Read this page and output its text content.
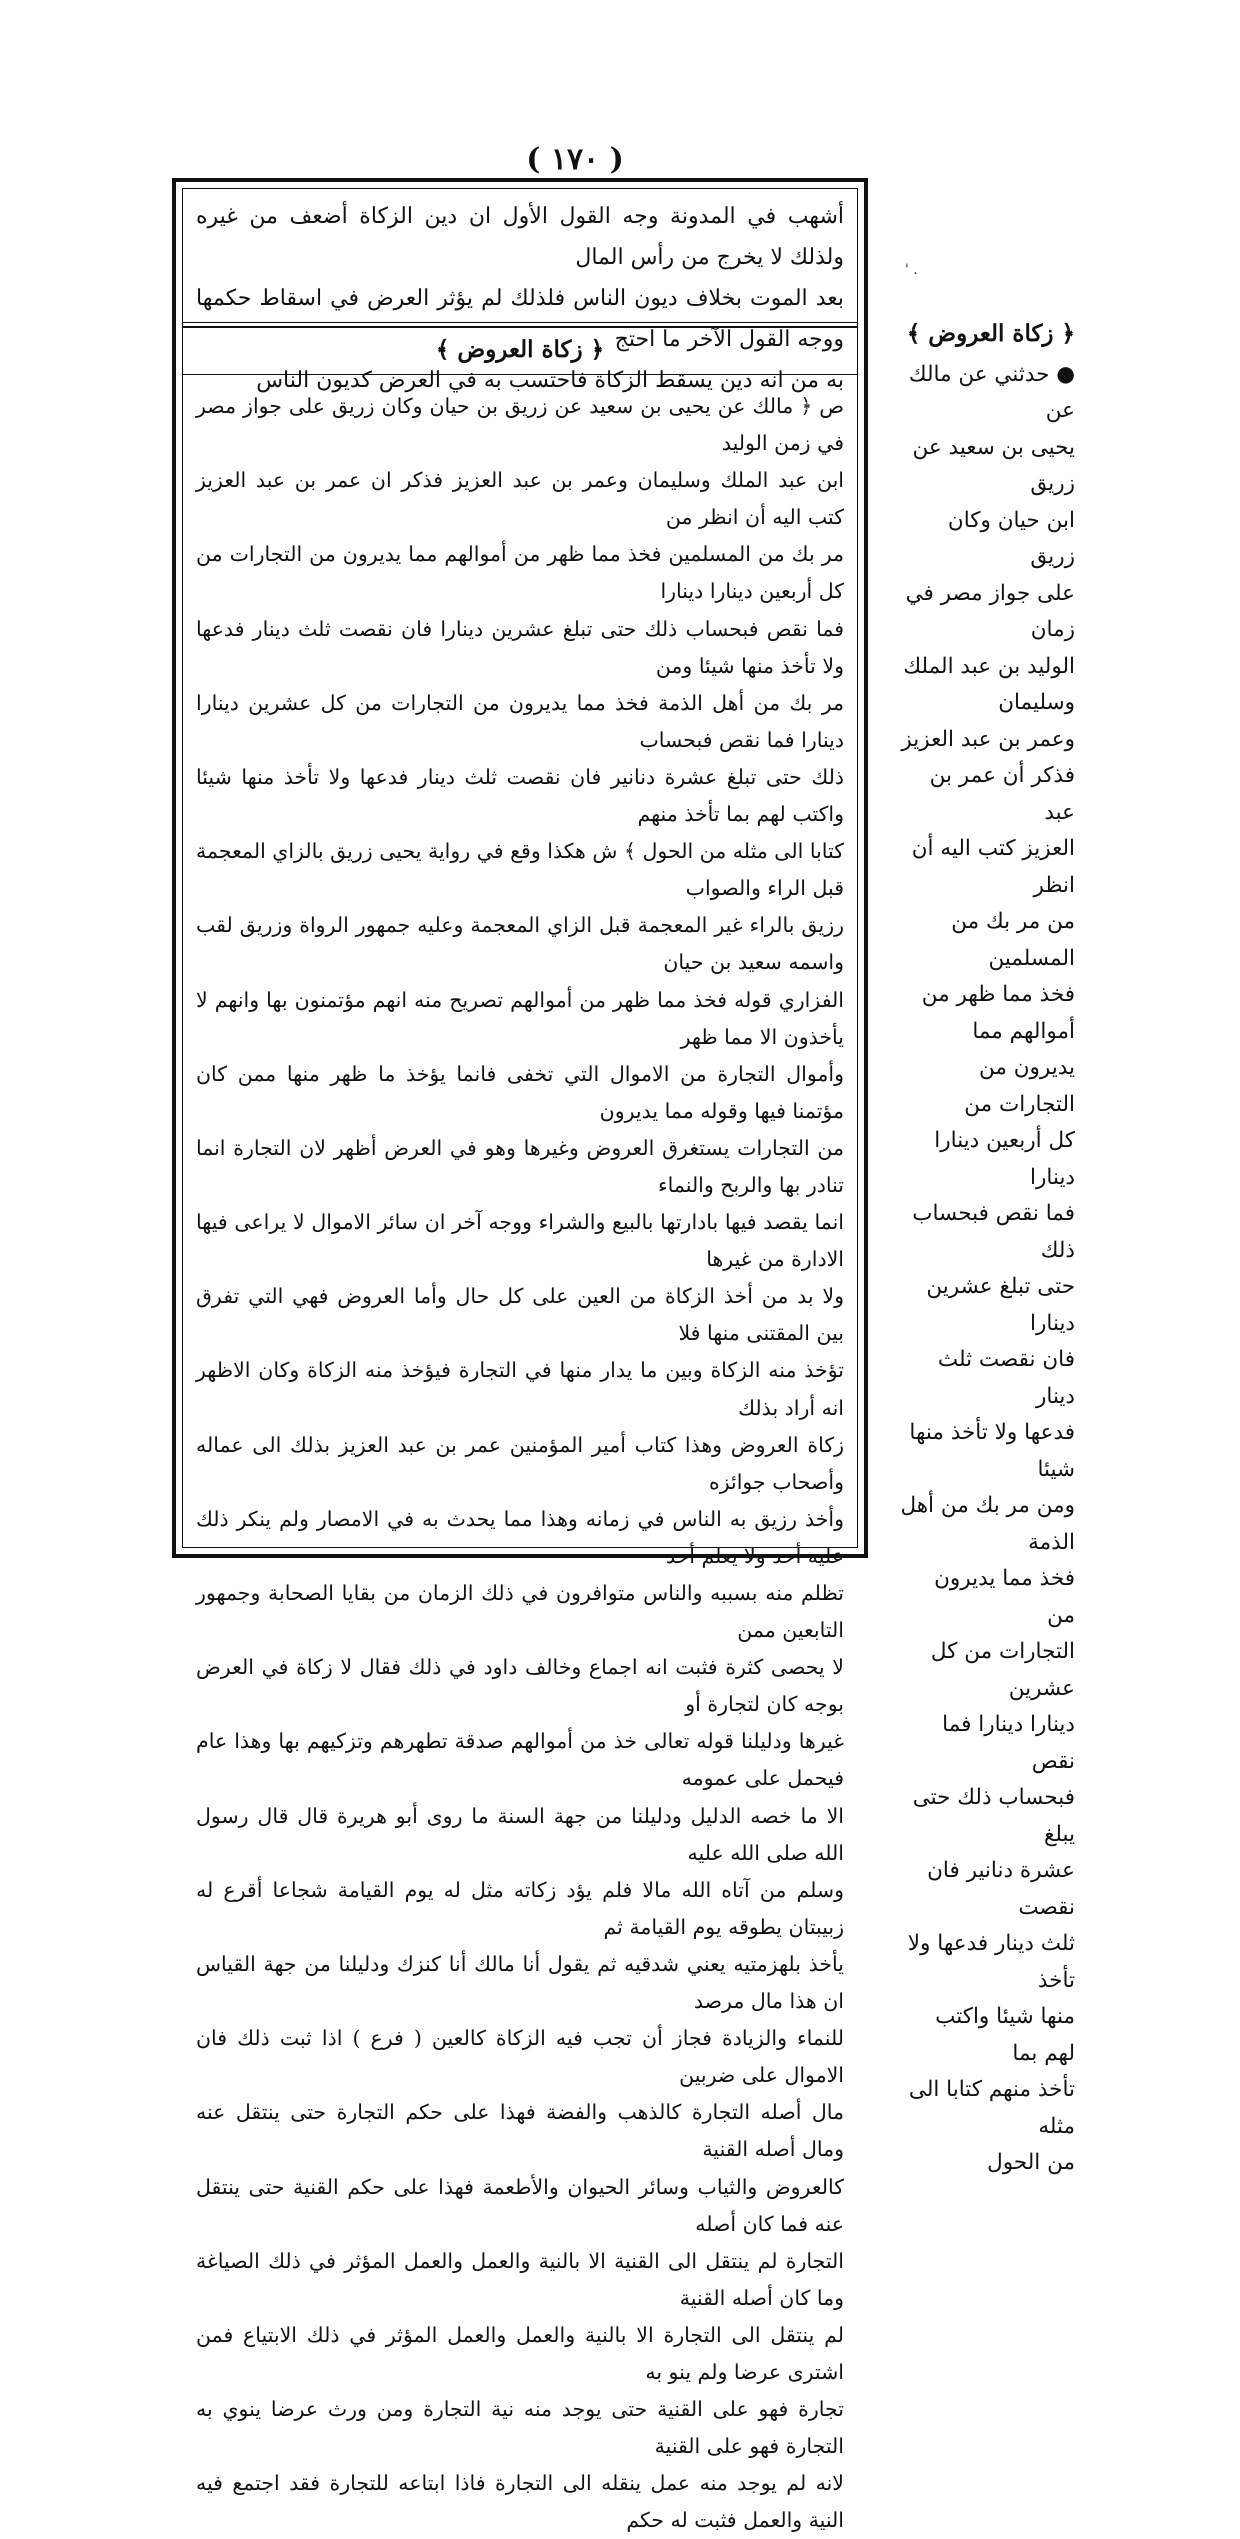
( ١٧٠ )

أشهب في المدونة وجه القول الأول ان دين الزكاة أضعف من غيره ولذلك لا يخرج من رأس المال

بعد الموت بخلاف ديون الناس فلذلك لم يؤثر العرض في اسقاط حكمها ووجه القول الآخر ما احتج

به من انه دين يسقط الزكاة فاحتسب به في العرض كديون الناس

﴿ زكاة العروض ﴾

ص ﴿ مالك عن يحيى بن سعيد عن زريق بن حيان وكان زريق على جواز مصر في زمن الوليد

ابن عبد الملك وسليمان وعمر بن عبد العزيز فذكر ان عمر بن عبد العزيز كتب اليه أن انظر من

مر بك من المسلمين فخذ مما ظهر من أموالهم مما يديرون من التجارات من كل أربعين دينارا دينارا

فما نقص فبحساب ذلك حتى تبلغ عشرين دينارا فان نقصت ثلث دينار فدعها ولا تأخذ منها شيئا ومن

مر بك من أهل الذمة فخذ مما يديرون من التجارات من كل عشرين دينارا دينارا فما نقص فبحساب

ذلك حتى تبلغ عشرة دنانير فان نقصت ثلث دينار فدعها ولا تأخذ منها شيئا واكتب لهم بما تأخذ منهم

كتابا الى مثله من الحول ﴾ ش هكذا وقع في رواية يحيى زريق بالزاي المعجمة قبل الراء والصواب

رزيق بالراء غير المعجمة قبل الزاي المعجمة وعليه جمهور الرواة وزريق لقب واسمه سعيد بن حيان

الفزاري قوله فخذ مما ظهر من أموالهم تصريح منه انهم مؤتمنون بها وانهم لا يأخذون الا مما ظهر

وأموال التجارة من الاموال التي تخفى فانما يؤخذ ما ظهر منها ممن كان مؤتمنا فيها وقوله مما يديرون

من التجارات يستغرق العروض وغيرها وهو في العرض أظهر لان التجارة انما تنادر بها والربح والنماء

انما يقصد فيها بادارتها بالبيع والشراء ووجه آخر ان سائر الاموال لا يراعى فيها الادارة من غيرها

ولا بد من أخذ الزكاة من العين على كل حال وأما العروض فهي التي تفرق بين المقتنى منها فلا

تؤخذ منه الزكاة وبين ما يدار منها في التجارة فيؤخذ منه الزكاة وكان الاظهر انه أراد بذلك

زكاة العروض وهذا كتاب أمير المؤمنين عمر بن عبد العزيز بذلك الى عماله وأصحاب جوائزه

وأخذ رزيق به الناس في زمانه وهذا مما يحدث به في الامصار ولم ينكر ذلك عليه أحد ولا يعلم أحد

تظلم منه بسببه والناس متوافرون في ذلك الزمان من بقايا الصحابة وجمهور التابعين ممن

لا يحصى كثرة فثبت انه اجماع وخالف داود في ذلك فقال لا زكاة في العرض بوجه كان لتجارة أو

غيرها ودليلنا قوله تعالى خذ من أموالهم صدقة تطهرهم وتزكيهم بها وهذا عام فيحمل على عمومه

الا ما خصه الدليل ودليلنا من جهة السنة ما روى أبو هريرة قال قال رسول الله صلى الله عليه

وسلم من آتاه الله مالا فلم يؤد زكاته مثل له يوم القيامة شجاعا أقرع له زبيبتان يطوقه يوم القيامة ثم

يأخذ بلهزمتيه يعني شدقيه ثم يقول أنا مالك أنا كنزك ودليلنا من جهة القياس ان هذا مال مرصد

للنماء والزيادة فجاز أن تجب فيه الزكاة كالعين ( فرع ) اذا ثبت ذلك فان الاموال على ضربين

مال أصله التجارة كالذهب والفضة فهذا على حكم التجارة حتى ينتقل عنه ومال أصله القنية

كالعروض والثياب وسائر الحيوان والأطعمة فهذا على حكم القنية حتى ينتقل عنه فما كان أصله

التجارة لم ينتقل الى القنية الا بالنية والعمل والعمل المؤثر في ذلك الصياغة وما كان أصله القنية

لم ينتقل الى التجارة الا بالنية والعمل والعمل المؤثر في ذلك الابتياع فمن اشترى عرضا ولم ينو به

تجارة فهو على القنية حتى يوجد منه نية التجارة ومن ورث عرضا ينوي به التجارة فهو على القنية

لانه لم يوجد منه عمل ينقله الى التجارة فاذا ابتاعه للتجارة فقد اجتمع فيه النية والعمل فثبت له حكم

' .

﴿ زكاة العروض ﴾

● حدثني عن مالك عن

يحيى بن سعيد عن زريق

ابن حيان وكان زريق

على جواز مصر في زمان

الوليد بن عبد الملك وسليمان

وعمر بن عبد العزيز

فذكر أن عمر بن عبد

العزيز كتب اليه أن انظر

من مر بك من المسلمين

فخذ مما ظهر من أموالهم مما

يديرون من التجارات من

كل أربعين دينارا دينارا

فما نقص فبحساب ذلك

حتى تبلغ عشرين دينارا

فان نقصت ثلث دينار

فدعها ولا تأخذ منها شيئا

ومن مر بك من أهل الذمة

فخذ مما يديرون من

التجارات من كل عشرين

دينارا دينارا فما نقص

فبحساب ذلك حتى يبلغ

عشرة دنانير فان نقصت

ثلث دينار فدعها ولا تأخذ

منها شيئا واكتب لهم بما

تأخذ منهم كتابا الى مثله

من الحول
